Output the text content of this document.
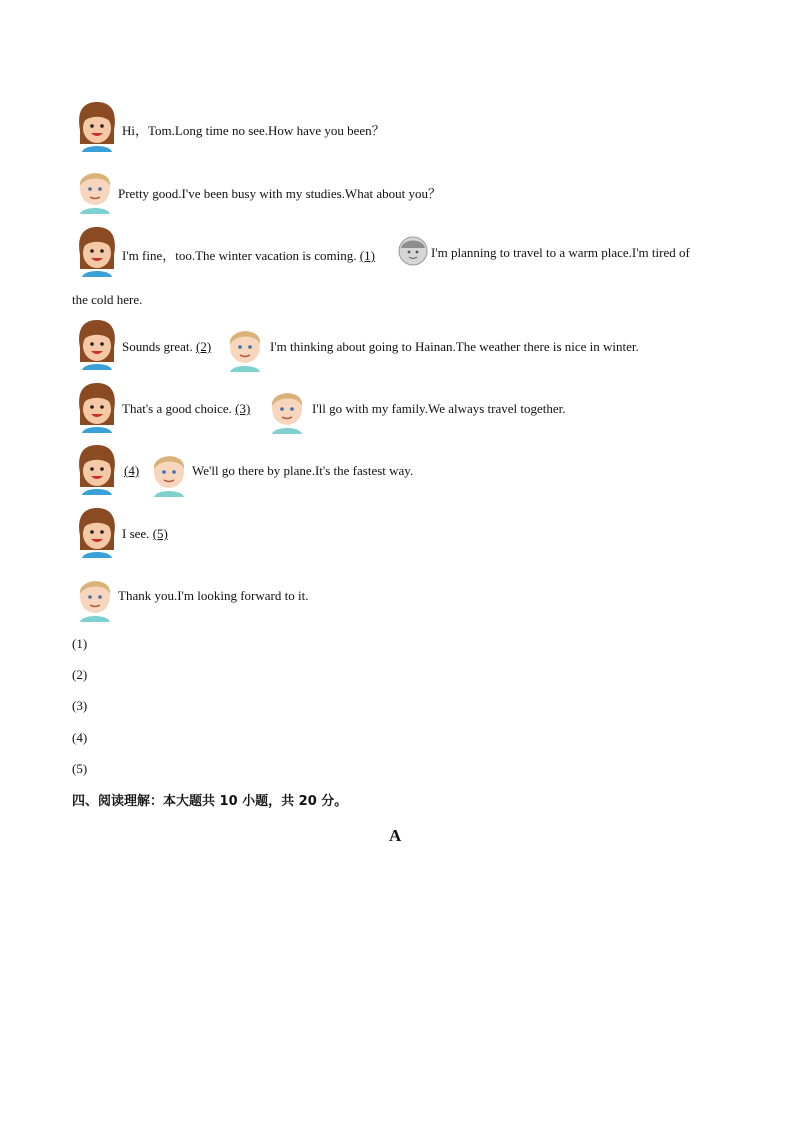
Hi，Tom.Long time no see.How have you been？
Pretty good.I've been busy with my studies.What about you？
I'm fine，too.The winter vacation is coming. (1)	I'm planning to travel to a warm place.I'm tired of
the cold here.
Sounds great. (2)	I'm thinking about going to Hainan.The weather there is nice in winter.
That's a good choice. (3)	I'll go with my family.We always travel together.
(4)	We'll go there by plane.It's the fastest way.
I see. (5)
Thank you.I'm looking forward to it.
(1)
(2)
(3)
(4)
(5)
四、阅读理解：本大题共 10 小题，共 20 分。
A
